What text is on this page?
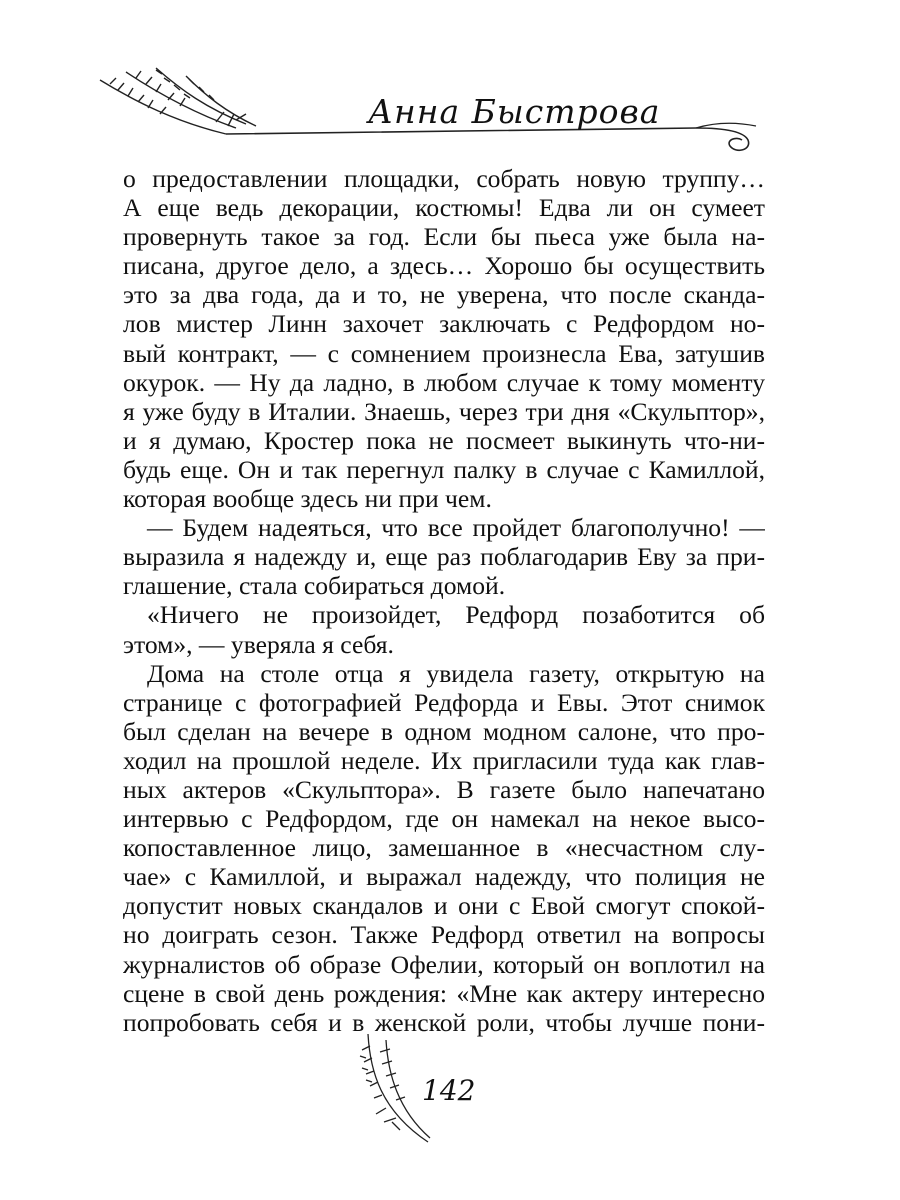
Анна Быстрова
о предоставлении площадки, собрать новую труппу…
А еще ведь декорации, костюмы! Едва ли он сумеет
провернуть такое за год. Если бы пьеса уже была на-
писана, другое дело, а здесь… Хорошо бы осуществить
это за два года, да и то, не уверена, что после сканда-
лов мистер Линн захочет заключать с Редфордом но-
вый контракт, — с сомнением произнесла Ева, затушив
окурок. — Ну да ладно, в любом случае к тому моменту
я уже буду в Италии. Знаешь, через три дня «Скульптор»,
и я думаю, Кростер пока не посмеет выкинуть что-ни-
будь еще. Он и так перегнул палку в случае с Камиллой,
которая вообще здесь ни при чем.
— Будем надеяться, что все пройдет благополучно! —
выразила я надежду и, еще раз поблагодарив Еву за при-
глашение, стала собираться домой.
«Ничего не произойдет, Редфорд позаботится об
этом», — уверяла я себя.
Дома на столе отца я увидела газету, открытую на
странице с фотографией Редфорда и Евы. Этот снимок
был сделан на вечере в одном модном салоне, что про-
ходил на прошлой неделе. Их пригласили туда как глав-
ных актеров «Скульптора». В газете было напечатано
интервью с Редфордом, где он намекал на некое высо-
копоставленное лицо, замешанное в «несчастном слу-
чае» с Камиллой, и выражал надежду, что полиция не
допустит новых скандалов и они с Евой смогут спокой-
но доиграть сезон. Также Редфорд ответил на вопросы
журналистов об образе Офелии, который он воплотил на
сцене в свой день рождения: «Мне как актеру интересно
попробовать себя и в женской роли, чтобы лучше пони-
142
